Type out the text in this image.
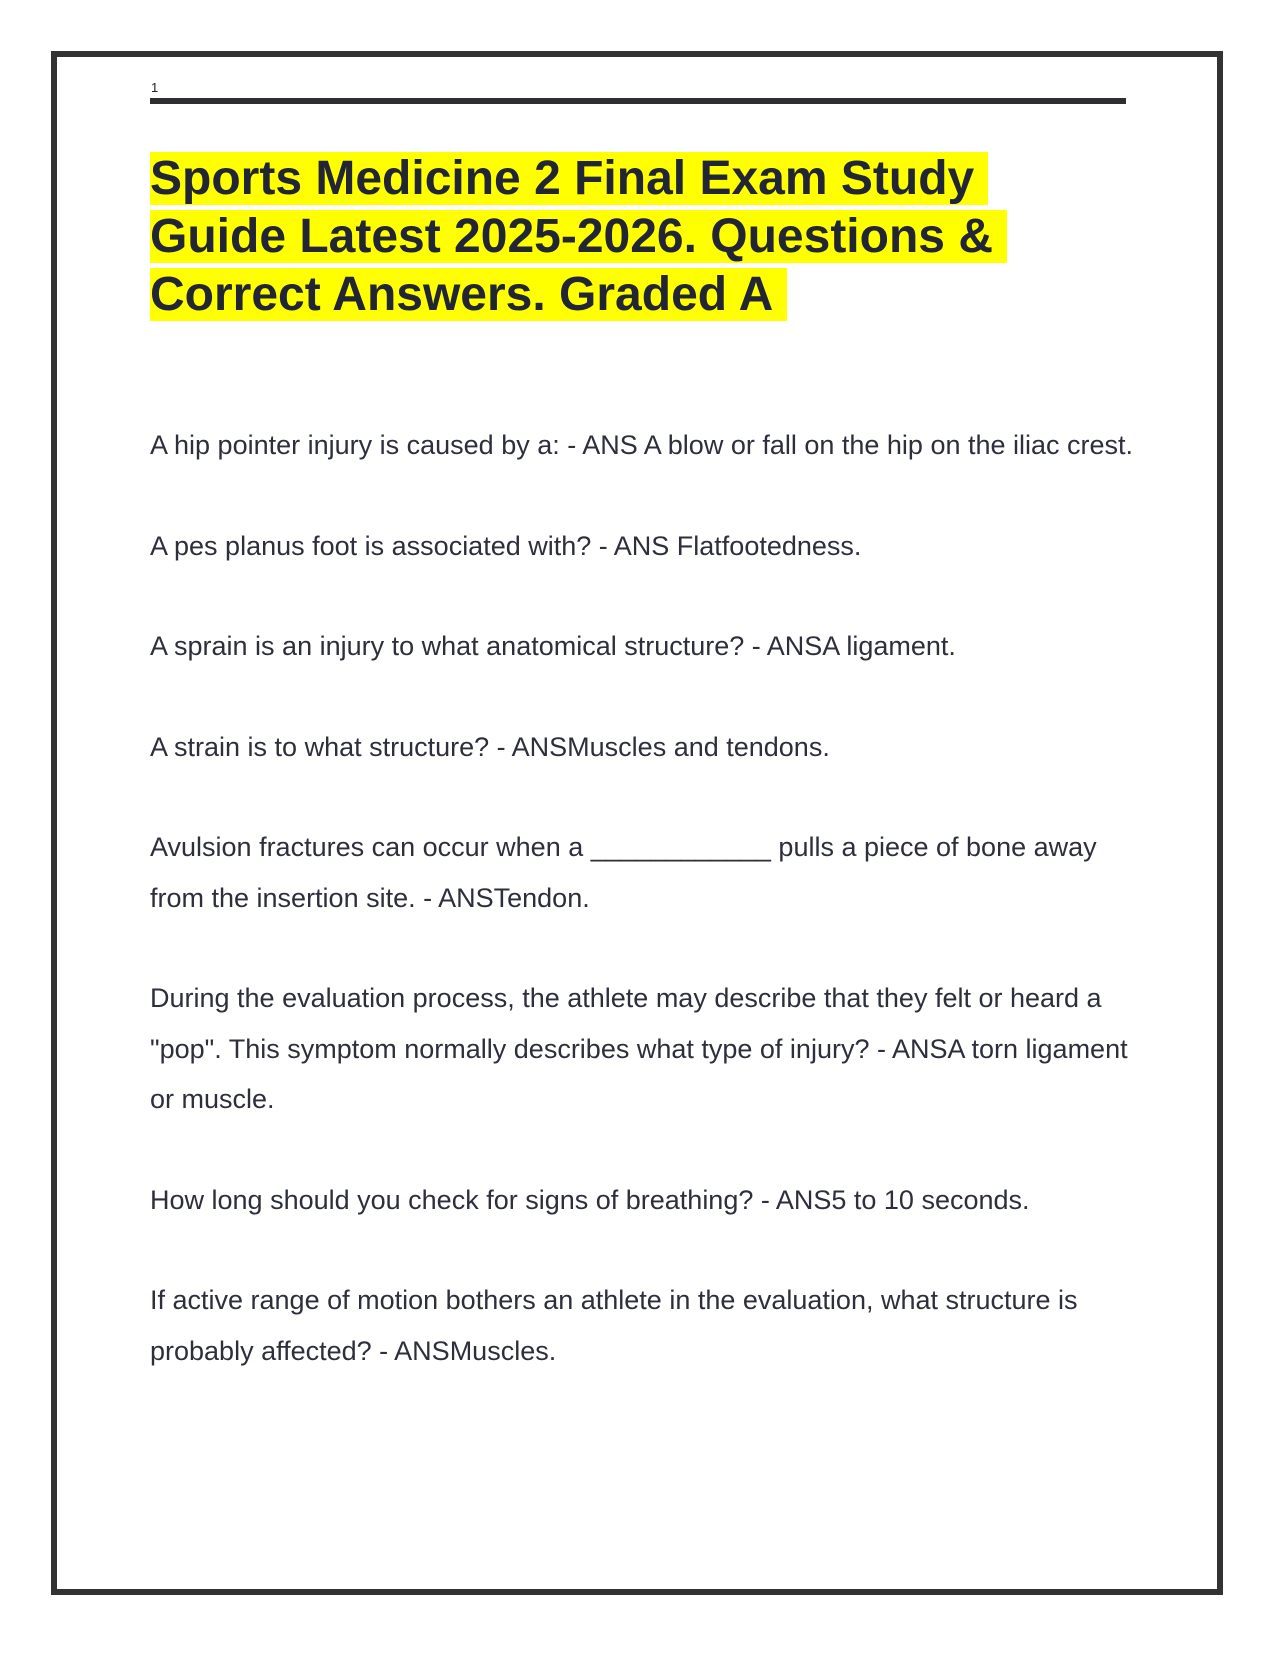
1
Sports Medicine 2 Final Exam Study Guide Latest 2025-2026. Questions & Correct Answers. Graded A
A hip pointer injury is caused by a: - ANS A blow or fall on the hip on the iliac crest.
A pes planus foot is associated with? - ANS Flatfootedness.
A sprain is an injury to what anatomical structure? - ANSA ligament.
A strain is to what structure? - ANSMuscles and tendons.
Avulsion fractures can occur when a ____________ pulls a piece of bone away from the insertion site. - ANSTendon.
During the evaluation process, the athlete may describe that they felt or heard a "pop". This symptom normally describes what type of injury? - ANSA torn ligament or muscle.
How long should you check for signs of breathing? - ANS5 to 10 seconds.
If active range of motion bothers an athlete in the evaluation, what structure is probably affected? - ANSMuscles.
